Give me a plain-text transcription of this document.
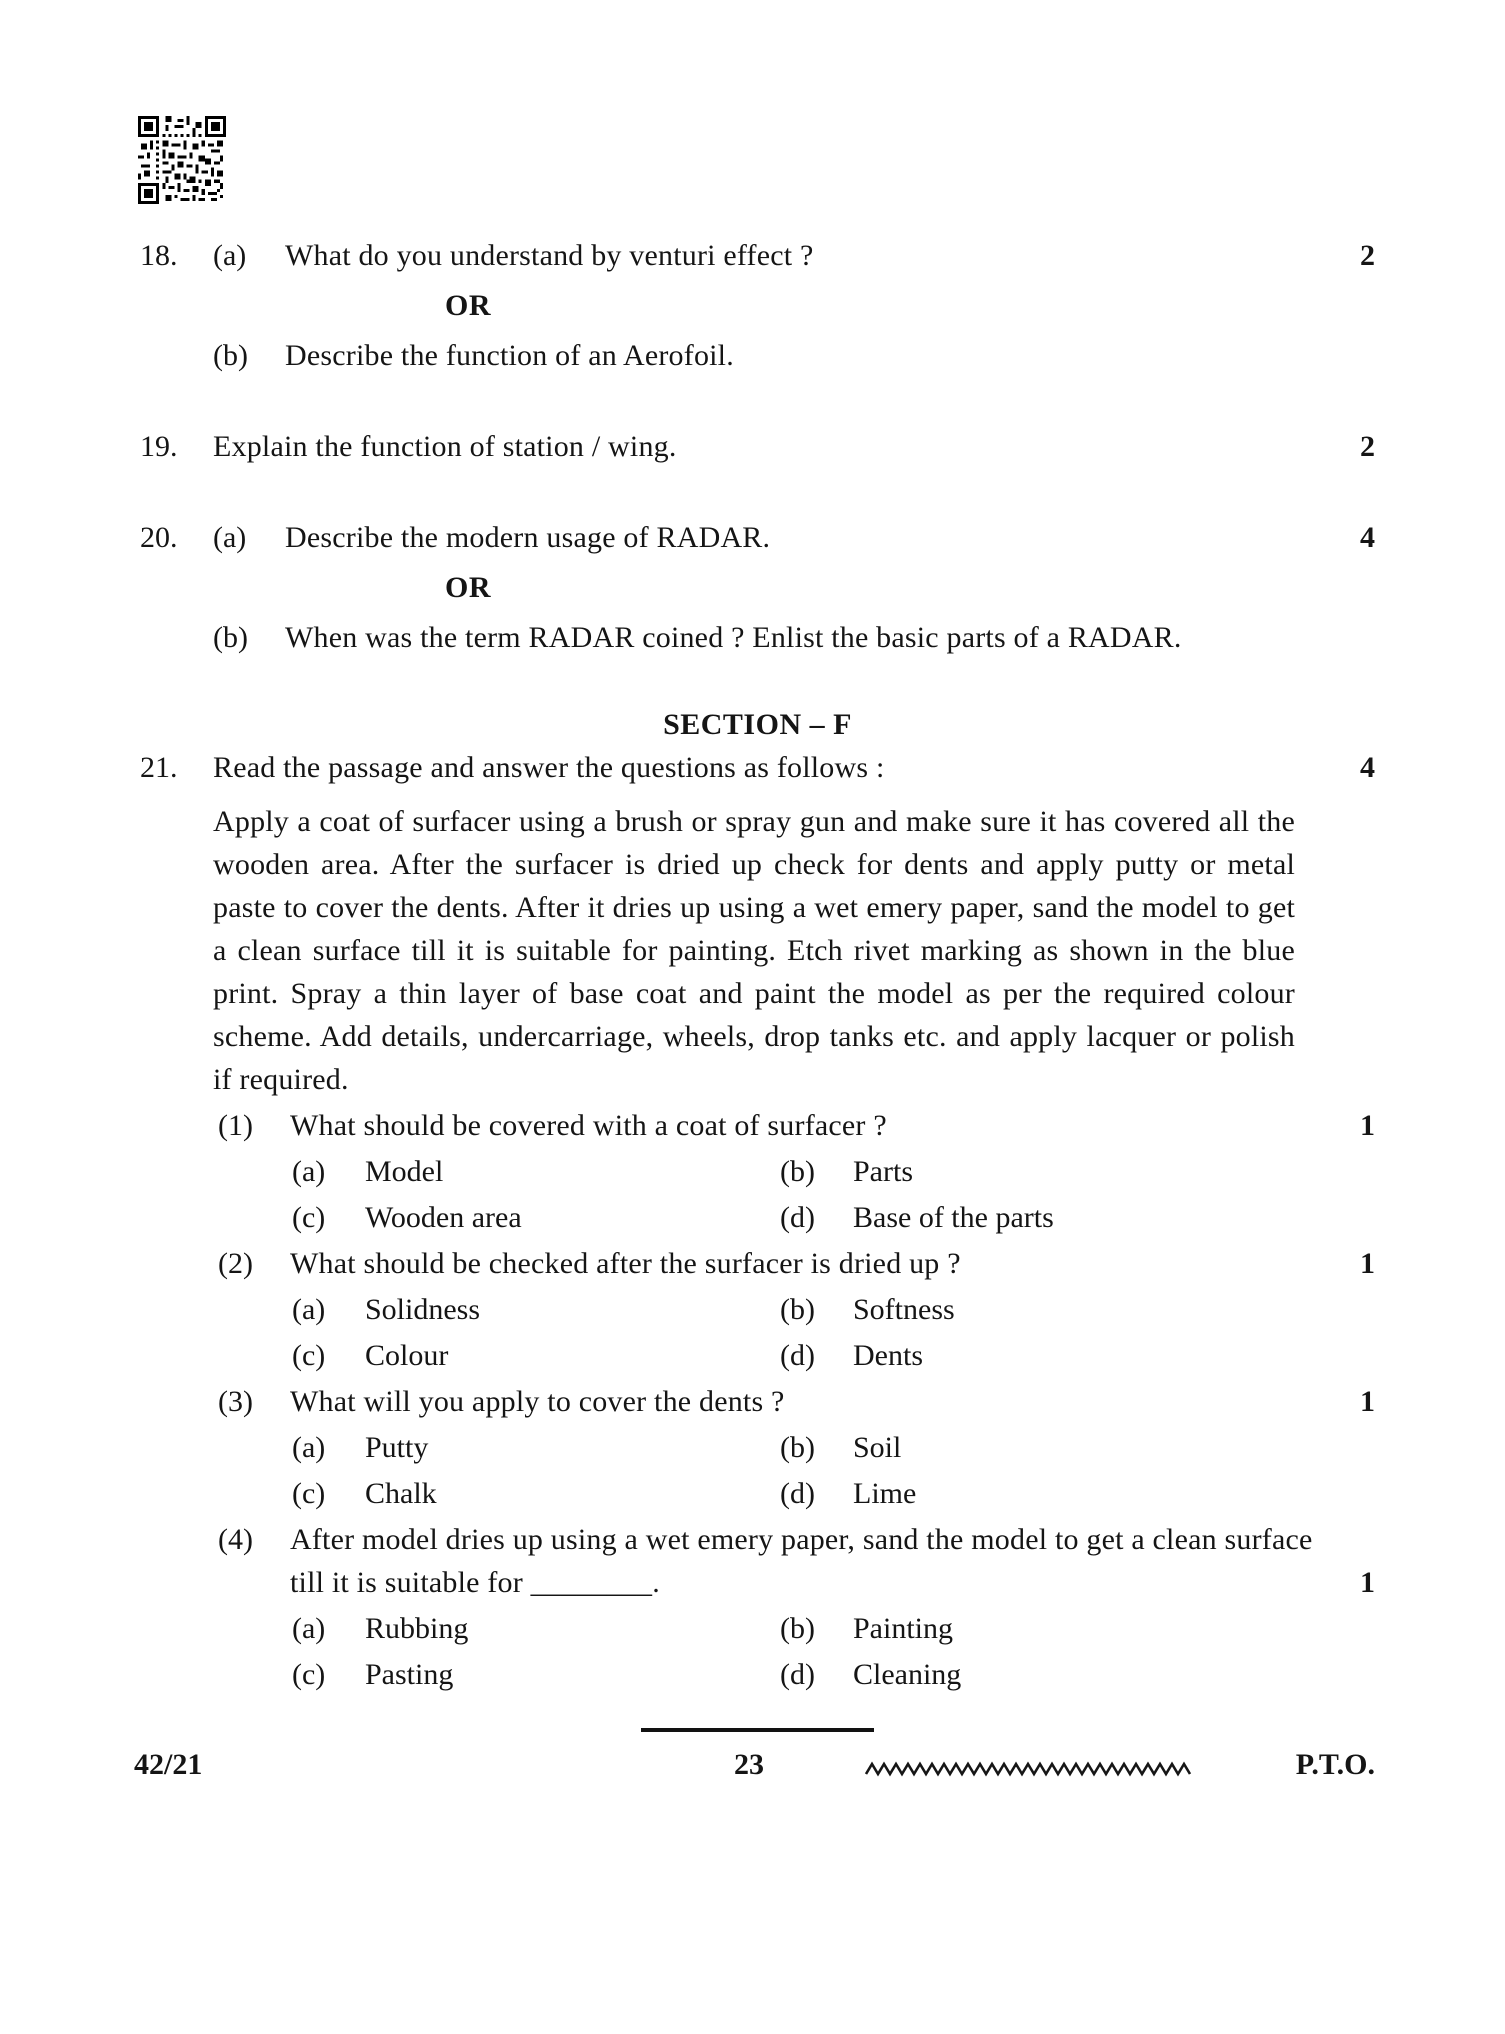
18.	(a)	What do you understand by venturi effect ?	2
OR
(b)	Describe the function of an Aerofoil.
19.	Explain the function of station / wing.	2
20.	(a)	Describe the modern usage of RADAR.	4
OR
(b)	When was the term RADAR coined ? Enlist the basic parts of a RADAR.
SECTION – F
21.	Read the passage and answer the questions as follows :	4
Apply a coat of surfacer using a brush or spray gun and make sure it has covered all the wooden area. After the surfacer is dried up check for dents and apply putty or metal paste to cover the dents. After it dries up using a wet emery paper, sand the model to get a clean surface till it is suitable for painting. Etch rivet marking as shown in the blue print. Spray a thin layer of base coat and paint the model as per the required colour scheme. Add details, undercarriage, wheels, drop tanks etc. and apply lacquer or polish if required.
(1)	What should be covered with a coat of surfacer ?	1
(a)	Model	(b)	Parts
(c)	Wooden area	(d)	Base of the parts
(2)	What should be checked after the surfacer is dried up ?	1
(a)	Solidness	(b)	Softness
(c)	Colour	(d)	Dents
(3)	What will you apply to cover the dents ?	1
(a)	Putty	(b)	Soil
(c)	Chalk	(d)	Lime
(4)	After model dries up using a wet emery paper, sand the model to get a clean surface till it is suitable for ________.	1
(a)	Rubbing	(b)	Painting
(c)	Pasting	(d)	Cleaning
42/21	23	P.T.O.
